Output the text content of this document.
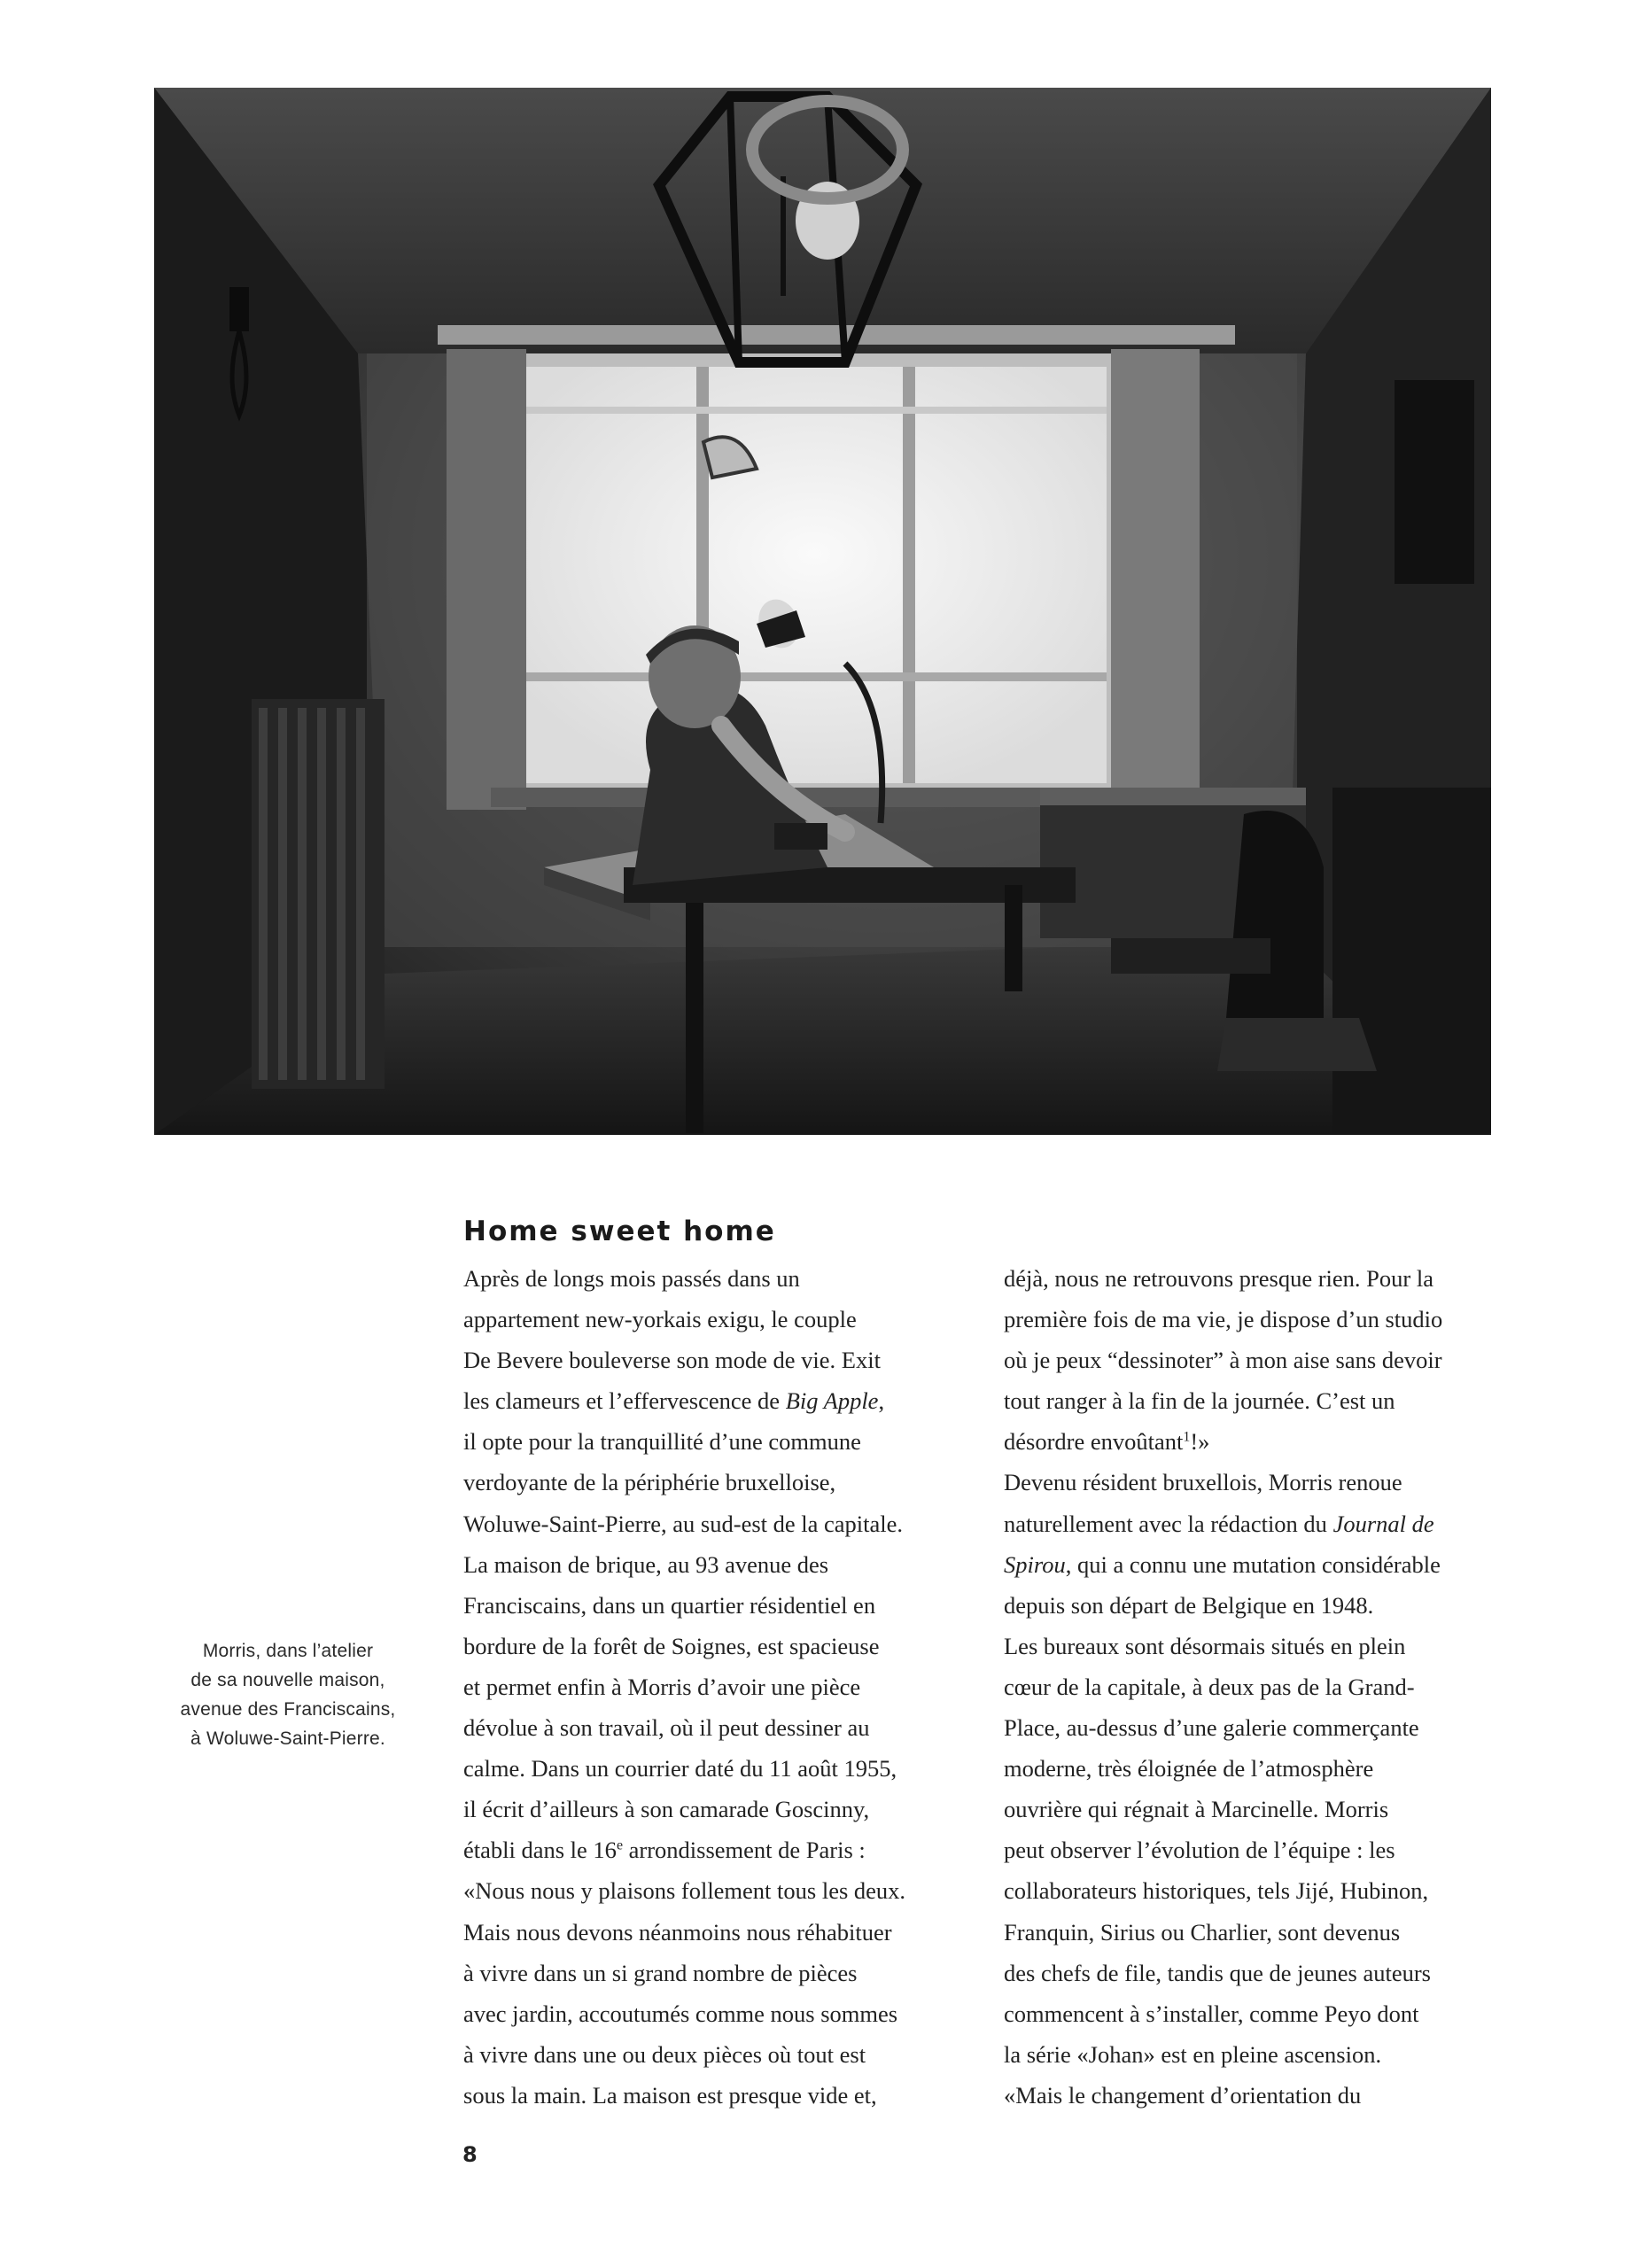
Morris, dans l’atelier
de sa nouvelle maison,
avenue des Franciscains,
à Woluwe-Saint-Pierre.
Home sweet home
Après de longs mois passés dans un
appartement new-yorkais exigu, le couple
De Bevere bouleverse son mode de vie. Exit
les clameurs et l’effervescence de Big Apple,
il opte pour la tranquillité d’une commune
verdoyante de la périphérie bruxelloise,
Woluwe-Saint-Pierre, au sud-est de la capitale.
La maison de brique, au 93 avenue des
Franciscains, dans un quartier résidentiel en
bordure de la forêt de Soignes, est spacieuse
et permet enfin à Morris d’avoir une pièce
dévolue à son travail, où il peut dessiner au
calme. Dans un courrier daté du 11 août 1955,
il écrit d’ailleurs à son camarade Goscinny,
établi dans le 16e arrondissement de Paris :
«Nous nous y plaisons follement tous les deux.
Mais nous devons néanmoins nous réhabituer
à vivre dans un si grand nombre de pièces
avec jardin, accoutumés comme nous sommes
à vivre dans une ou deux pièces où tout est
sous la main. La maison est presque vide et,
déjà, nous ne retrouvons presque rien. Pour la
première fois de ma vie, je dispose d’un studio
où je peux “dessinoter” à mon aise sans devoir
tout ranger à la fin de la journée. C’est un
désordre envoûtant$^1$!»
Devenu résident bruxellois, Morris renoue
naturellement avec la rédaction du Journal de
Spirou, qui a connu une mutation considérable
depuis son départ de Belgique en 1948.
Les bureaux sont désormais situés en plein
cœur de la capitale, à deux pas de la Grand-
Place, au-dessus d’une galerie commerçante
moderne, très éloignée de l’atmosphère
ouvrière qui régnait à Marcinelle. Morris
peut observer l’évolution de l’équipe : les
collaborateurs historiques, tels Jijé, Hubinon,
Franquin, Sirius ou Charlier, sont devenus
des chefs de file, tandis que de jeunes auteurs
commencent à s’installer, comme Peyo dont
la série «Johan» est en pleine ascension.
«Mais le changement d’orientation du
8
